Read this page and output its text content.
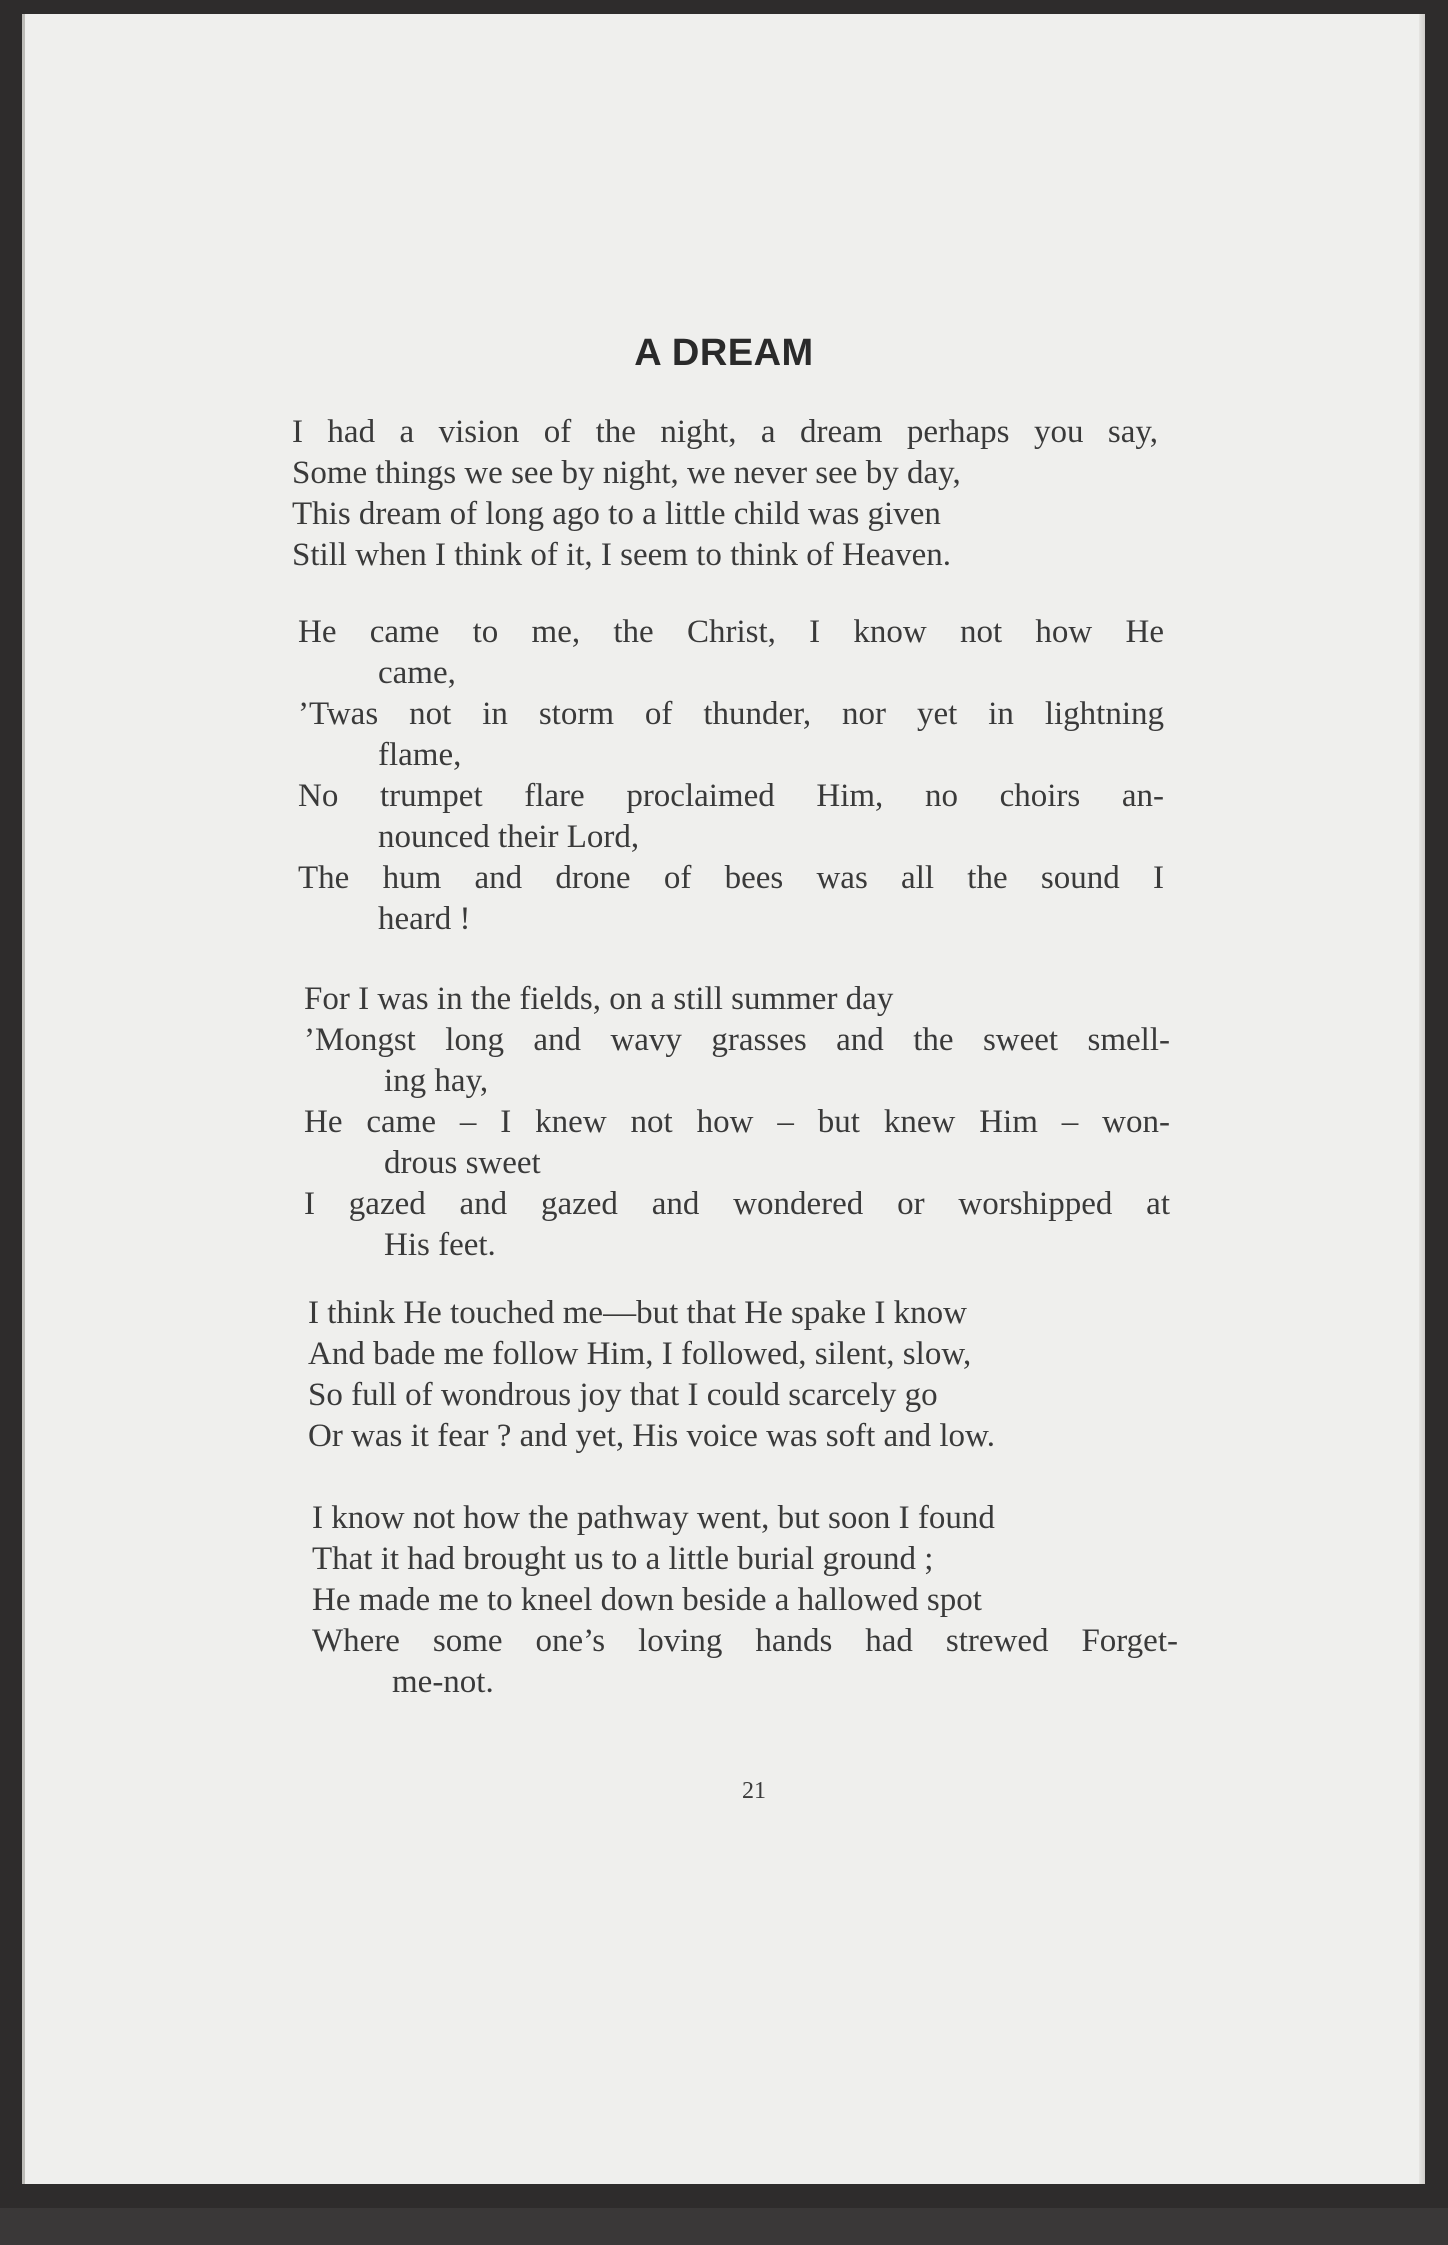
A DREAM
I had a vision of the night, a dream perhaps you say,
Some things we see by night, we never see by day,
This dream of long ago to a little child was given
Still when I think of it, I seem to think of Heaven.
He came to me, the Christ, I know not how He
came,
’Twas not in storm of thunder, nor yet in lightning
flame,
No trumpet flare proclaimed Him, no choirs an-
nounced their Lord,
The hum and drone of bees was all the sound I
heard !
For I was in the fields, on a still summer day
’Mongst long and wavy grasses and the sweet smell-
ing hay,
He came – I knew not how – but knew Him – won-
drous sweet
I gazed and gazed and wondered or worshipped at
His feet.
I think He touched me—but that He spake I know
And bade me follow Him, I followed, silent, slow,
So full of wondrous joy that I could scarcely go
Or was it fear ? and yet, His voice was soft and low.
I know not how the pathway went, but soon I found
That it had brought us to a little burial ground ;
He made me to kneel down beside a hallowed spot
Where some one’s loving hands had strewed Forget-
me-not.
21
